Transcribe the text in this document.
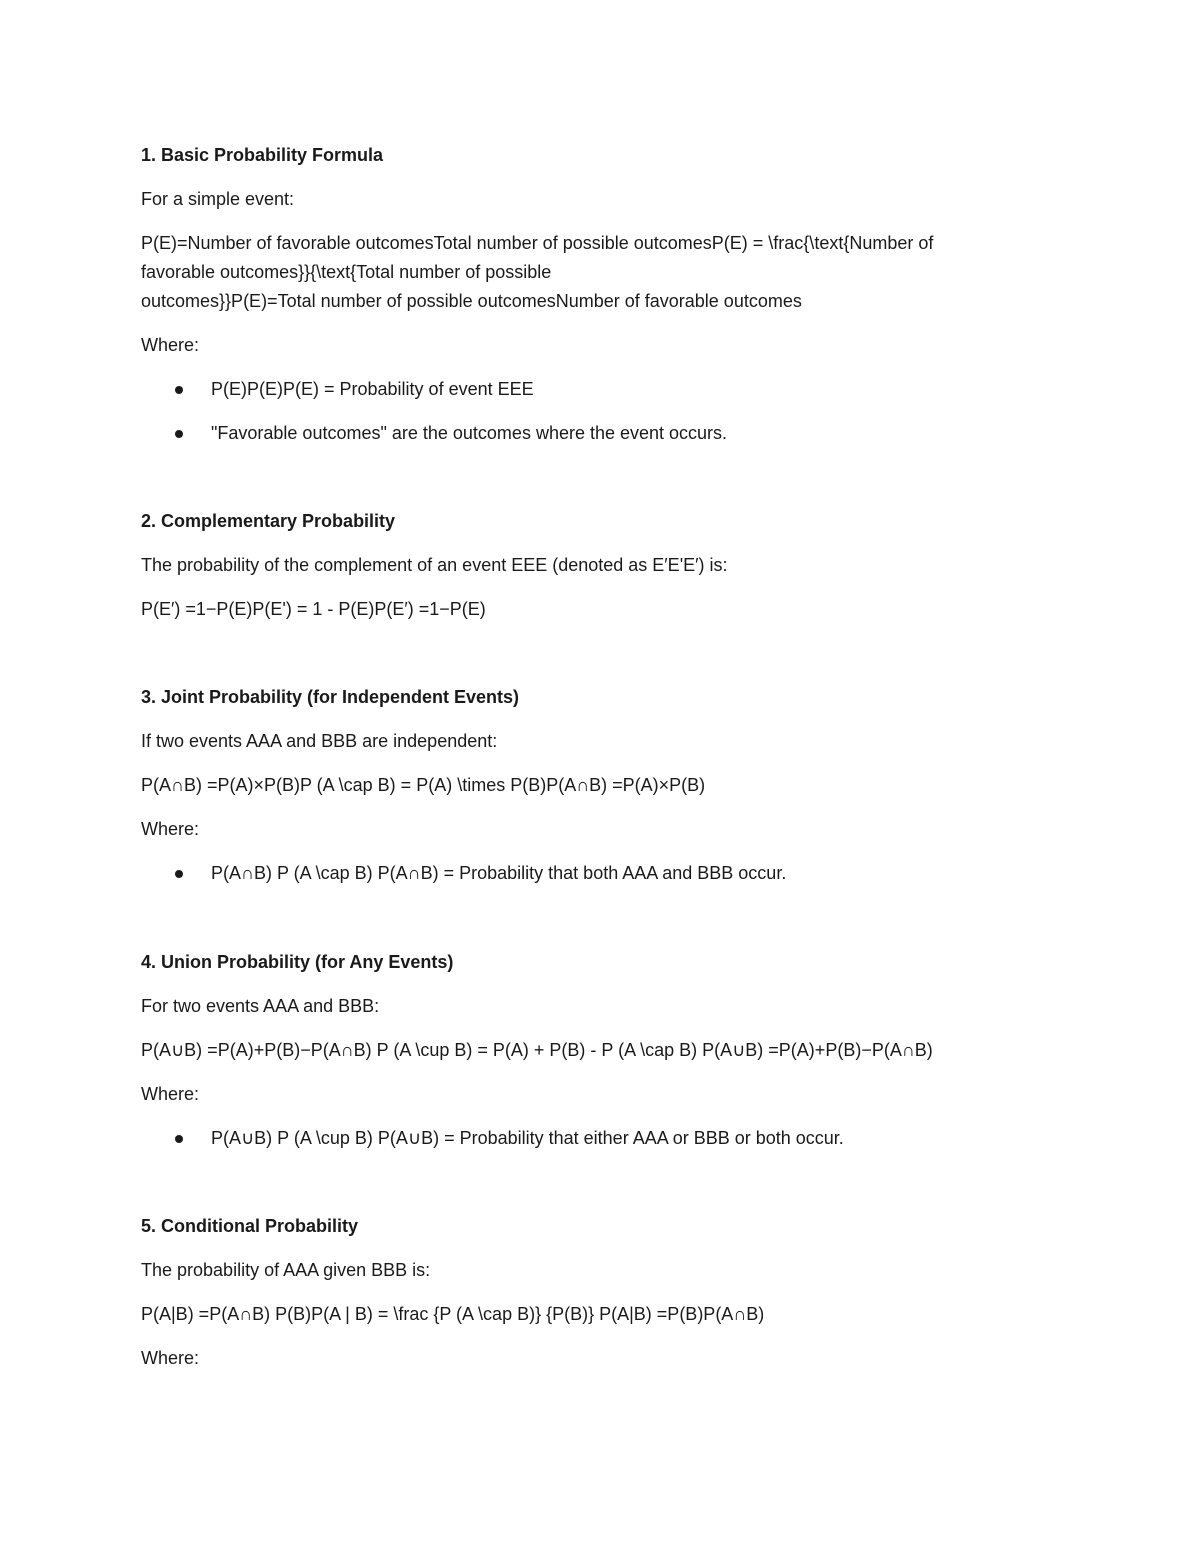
1. Basic Probability Formula
For a simple event:
P(E)=Number of favorable outcomesTotal number of possible outcomesP(E) = \frac{\text{Number of
favorable outcomes}}{\text{Total number of possible
outcomes}}P(E)=Total number of possible outcomesNumber of favorable outcomes
Where:
P(E)P(E)P(E) = Probability of event EEE
"Favorable outcomes" are the outcomes where the event occurs.
2. Complementary Probability
The probability of the complement of an event EEE (denoted as E′E'E′) is:
P(E′) =1−P(E)P(E') = 1 - P(E)P(E′) =1−P(E)
3. Joint Probability (for Independent Events)
If two events AAA and BBB are independent:
P(A∩B) =P(A)×P(B)P (A \cap B) = P(A) \times P(B)P(A∩B) =P(A)×P(B)
Where:
P(A∩B) P (A \cap B) P(A∩B) = Probability that both AAA and BBB occur.
4. Union Probability (for Any Events)
For two events AAA and BBB:
P(A∪B) =P(A)+P(B)−P(A∩B) P (A \cup B) = P(A) + P(B) - P (A \cap B) P(A∪B) =P(A)+P(B)−P(A∩B)
Where:
P(A∪B) P (A \cup B) P(A∪B) = Probability that either AAA or BBB or both occur.
5. Conditional Probability
The probability of AAA given BBB is:
P(A|B) =P(A∩B) P(B)P(A | B) = \frac {P (A \cap B)} {P(B)} P(A|B) =P(B)P(A∩B)
Where:
